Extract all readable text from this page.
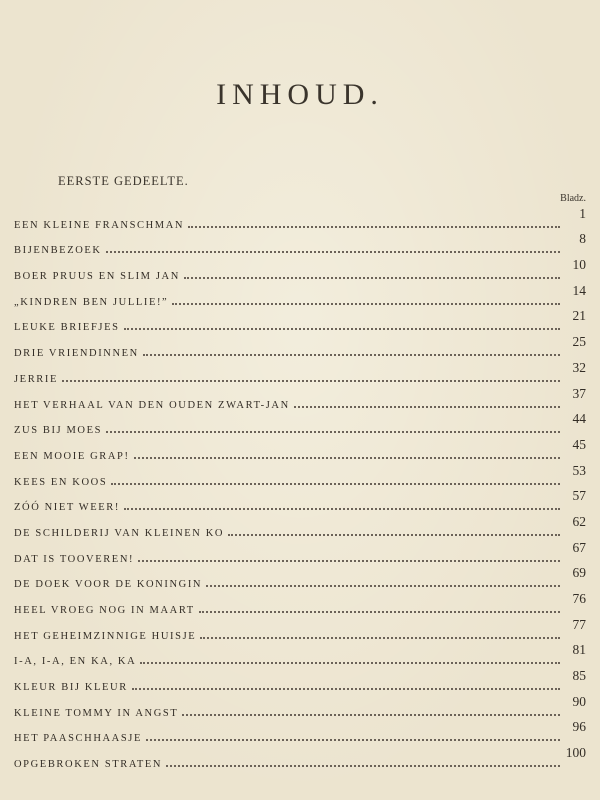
INHOUD.
EERSTE GEDEELTE.
Bladz.
EEN KLEINE FRANSCHMAN
1
BIJENBEZOEK
8
BOER PRUUS EN SLIM JAN
10
„KINDREN BEN JULLIE!”
14
LEUKE BRIEFJES
21
DRIE VRIENDINNEN
25
JERRIE
32
HET VERHAAL VAN DEN OUDEN ZWART-JAN
37
ZUS BIJ MOES
44
EEN MOOIE GRAP!
45
KEES EN KOOS
53
ZÓÓ NIET WEER!
57
DE SCHILDERIJ VAN KLEINEN KO
62
DAT IS TOOVEREN!
67
DE DOEK VOOR DE KONINGIN
69
HEEL VROEG NOG IN MAART
76
HET GEHEIMZINNIGE HUISJE
77
I-A, I-A, EN KA, KA
81
KLEUR BIJ KLEUR
85
KLEINE TOMMY IN ANGST
90
HET PAASCHHAASJE
96
OPGEBROKEN STRATEN
100
